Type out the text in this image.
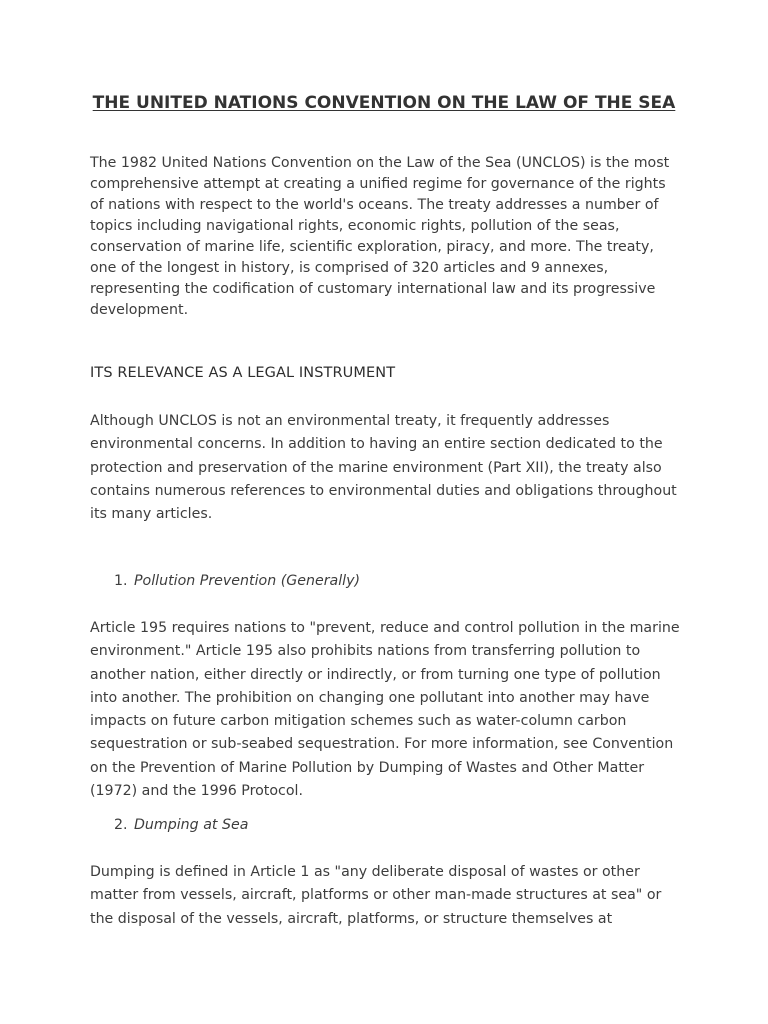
THE UNITED NATIONS CONVENTION ON THE LAW OF THE SEA

The 1982 United Nations Convention on the Law of the Sea (UNCLOS) is the most comprehensive attempt at creating a unified regime for governance of the rights of nations with respect to the world's oceans. The treaty addresses a number of topics including navigational rights, economic rights, pollution of the seas, conservation of marine life, scientific exploration, piracy, and more. The treaty, one of the longest in history, is comprised of 320 articles and 9 annexes, representing the codification of customary international law and its progressive development.

ITS RELEVANCE AS A LEGAL INSTRUMENT

Although UNCLOS is not an environmental treaty, it frequently addresses environmental concerns. In addition to having an entire section dedicated to the protection and preservation of the marine environment (Part XII), the treaty also contains numerous references to environmental duties and obligations throughout its many articles.

1. Pollution Prevention (Generally)

Article 195 requires nations to "prevent, reduce and control pollution in the marine environment." Article 195 also prohibits nations from transferring pollution to another nation, either directly or indirectly, or from turning one type of pollution into another. The prohibition on changing one pollutant into another may have impacts on future carbon mitigation schemes such as water-column carbon sequestration or sub-seabed sequestration. For more information, see Convention on the Prevention of Marine Pollution by Dumping of Wastes and Other Matter (1972) and the 1996 Protocol.

2. Dumping at Sea

Dumping is defined in Article 1 as "any deliberate disposal of wastes or other matter from vessels, aircraft, platforms or other man-made structures at sea" or the disposal of the vessels, aircraft, platforms, or structure themselves at
